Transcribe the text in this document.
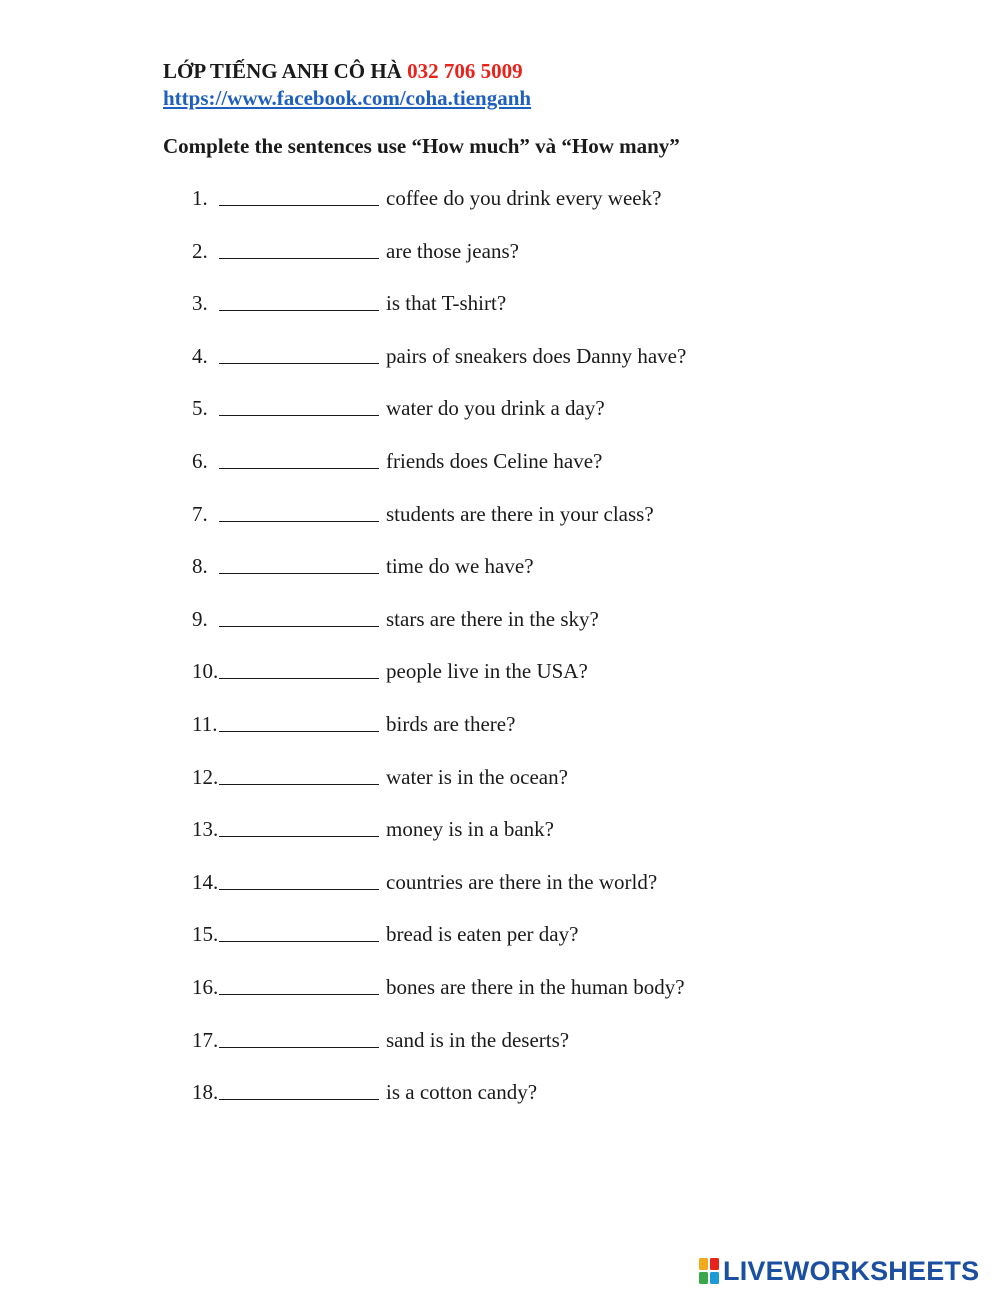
LỚP TIẾNG ANH CÔ HÀ 032 706 5009
https://www.facebook.com/coha.tienganh
Complete the sentences use “How much” và “How many”
1.	coffee do you drink every week?
2.	are those jeans?
3.	is that T-shirt?
4.	pairs of sneakers does Danny have?
5.	water do you drink a day?
6.	friends does Celine have?
7.	students are there in your class?
8.	time do we have?
9.	stars are there in the sky?
10.	people live in the USA?
11.	birds are there?
12.	water is in the ocean?
13.	money is in a bank?
14.	countries are there in the world?
15.	bread is eaten per day?
16.	bones are there in the human body?
17.	sand is in the deserts?
18.	is a cotton candy?
LIVEWORKSHEETS
